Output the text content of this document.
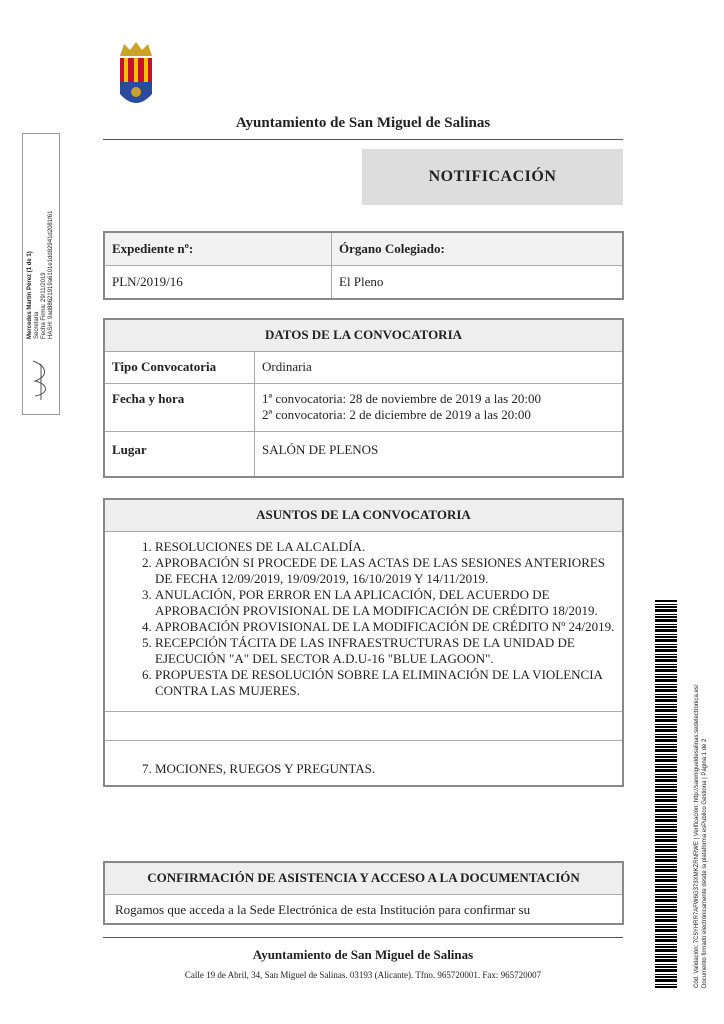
Ayuntamiento de San Miguel de Salinas
NOTIFICACIÓN
Expediente nº:	Órgano Colegiado:
PLN/2019/16	El Pleno
DATOS DE LA CONVOCATORIA	
Tipo Convocatoria	Ordinaria
Fecha y hora	1ª convocatoria: 28 de noviembre de 2019 a las 20:00
2ª convocatoria: 2 de diciembre de 2019 a las 20:00

Lugar	SALÓN DE PLENOS
ASUNTOS DE LA CONVOCATORIA

1. RESOLUCIONES DE LA ALCALDÍA.
2. APROBACIÓN SI PROCEDE DE LAS ACTAS DE LAS SESIONES ANTERIORES DE FECHA 12/09/2019, 19/09/2019, 16/10/2019 Y 14/11/2019.
3. ANULACIÓN, POR ERROR EN LA APLICACIÓN, DEL ACUERDO DE APROBACIÓN PROVISIONAL DE LA MODIFICACIÓN DE CRÉDITO 18/2019.
4. APROBACIÓN PROVISIONAL DE LA MODIFICACIÓN DE CRÉDITO Nº 24/2019.
5. RECEPCIÓN TÁCITA DE LAS INFRAESTRUCTURAS DE LA UNIDAD DE EJECUCIÓN "A" DEL SECTOR A.D.U-16 "BLUE LAGOON".
6. PROPUESTA DE RESOLUCIÓN SOBRE LA ELIMINACIÓN DE LA VIOLENCIA CONTRA LAS MUJERES.

7. MOCIONES, RUEGOS Y PREGUNTAS.
CONFIRMACIÓN DE ASISTENCIA Y ACCESO A LA DOCUMENTACIÓN
Rogamos que acceda a la Sede Electrónica de esta Institución para confirmar su
Ayuntamiento de San Miguel de Salinas
Calle 19 de Abril, 34, San Miguel de Salinas. 03193 (Alicante). Tfno. 965720001. Fax: 965720007
Mercedes Martín Pérez (1 de 1) Secretaria Fecha Firma: 29/11/2019 HASH: 9ad88621919a6101e1dd82941d2081f61
Cód. Validación: 7C5YHRR7AFW6G373XMKZRNRWE | Verificación: http://sanmigueldesalinas.sedelectronica.es/ Documento firmado electrónicamente desde la plataforma esPublico Gestiona | Página 1 de 2
